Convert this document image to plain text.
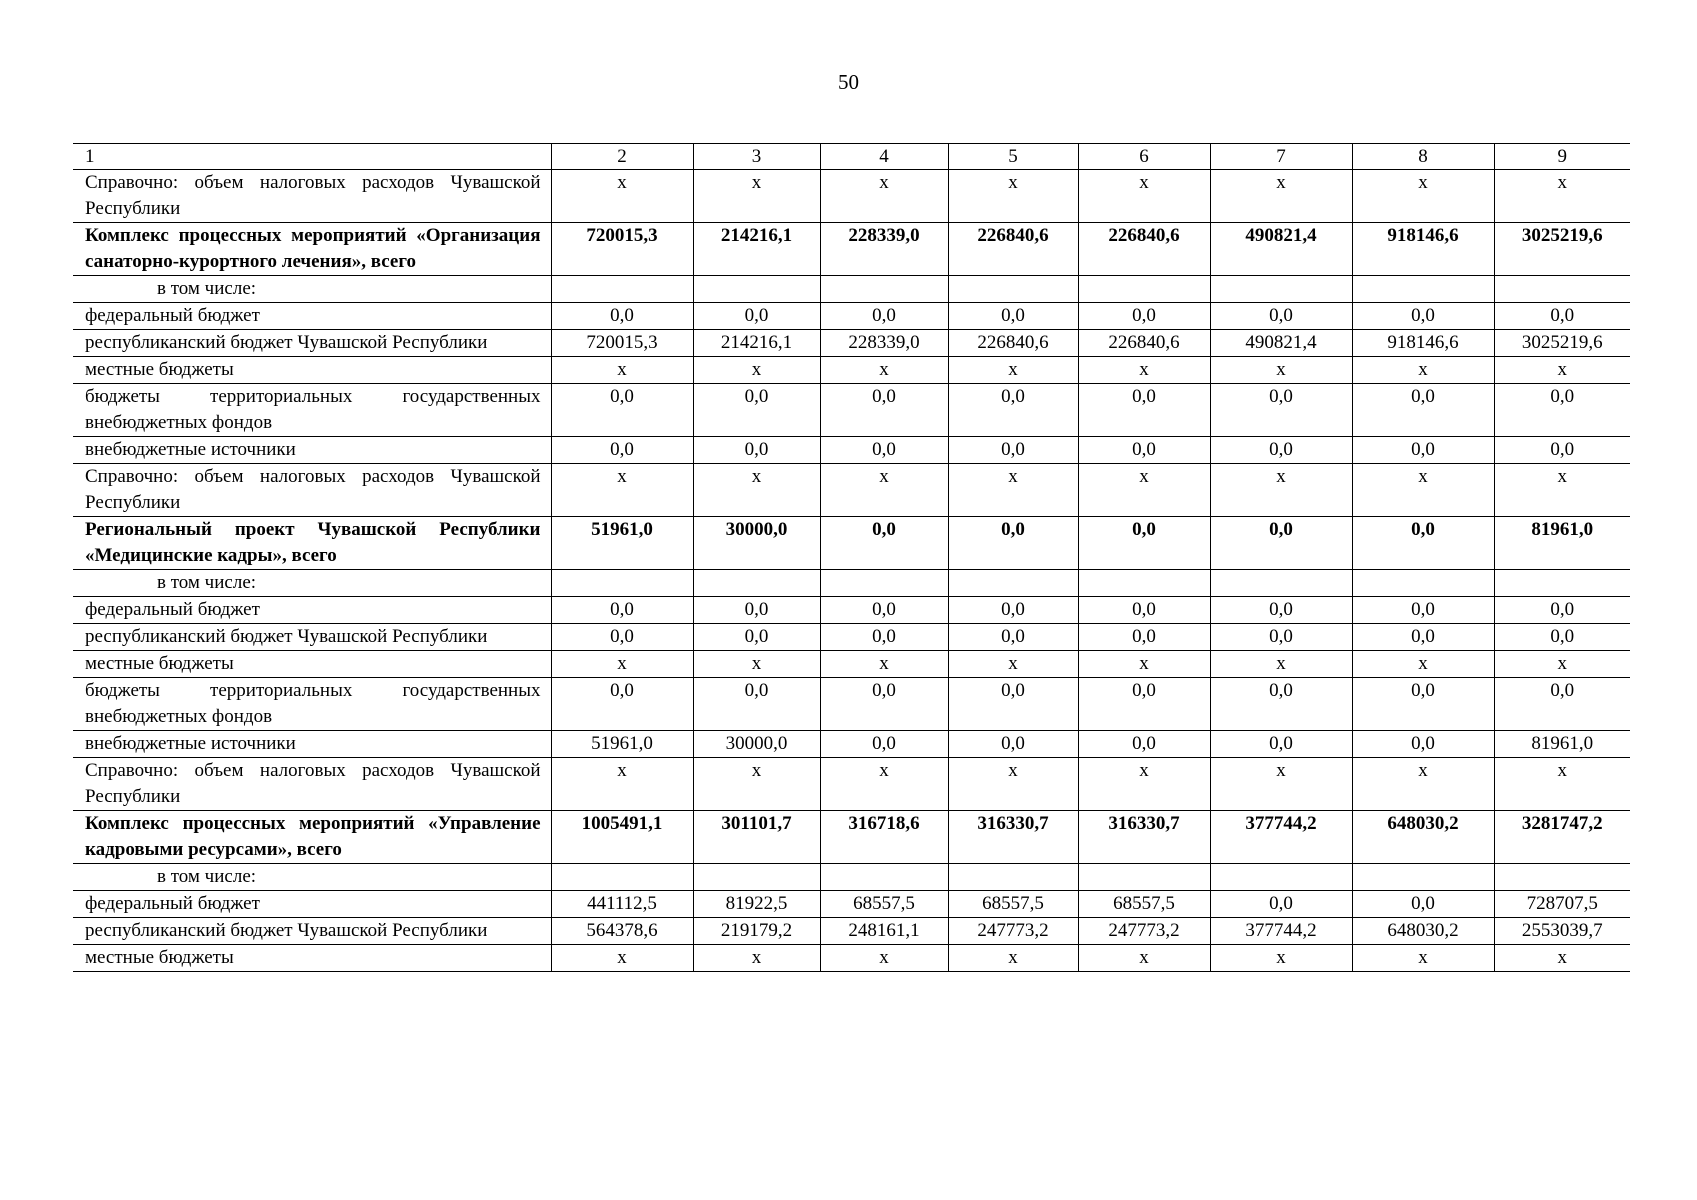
50
1	2	3	4	5	6	7	8	9
Справочно: объем налоговых расходов Чувашской Республики	х	х	х	х	х	х	х	х
Комплекс процессных мероприятий «Организация санаторно-курортного лечения», всего	720015,3	214216,1	228339,0	226840,6	226840,6	490821,4	918146,6	3025219,6
в том числе:								
федеральный бюджет	0,0	0,0	0,0	0,0	0,0	0,0	0,0	0,0
республиканский бюджет Чувашской Республики	720015,3	214216,1	228339,0	226840,6	226840,6	490821,4	918146,6	3025219,6
местные бюджеты	х	х	х	х	х	х	х	х
бюджеты территориальных государственных внебюджетных фондов	0,0	0,0	0,0	0,0	0,0	0,0	0,0	0,0
внебюджетные источники	0,0	0,0	0,0	0,0	0,0	0,0	0,0	0,0
Справочно: объем налоговых расходов Чувашской Республики	х	х	х	х	х	х	х	х
Региональный проект Чувашской Республики «Медицинские кадры», всего	51961,0	30000,0	0,0	0,0	0,0	0,0	0,0	81961,0
в том числе:								
федеральный бюджет	0,0	0,0	0,0	0,0	0,0	0,0	0,0	0,0
республиканский бюджет Чувашской Республики	0,0	0,0	0,0	0,0	0,0	0,0	0,0	0,0
местные бюджеты	х	х	х	х	х	х	х	х
бюджеты территориальных государственных внебюджетных фондов	0,0	0,0	0,0	0,0	0,0	0,0	0,0	0,0
внебюджетные источники	51961,0	30000,0	0,0	0,0	0,0	0,0	0,0	81961,0
Справочно: объем налоговых расходов Чувашской Республики	х	х	х	х	х	х	х	х
Комплекс процессных мероприятий «Управление кадровыми ресурсами», всего	1005491,1	301101,7	316718,6	316330,7	316330,7	377744,2	648030,2	3281747,2
в том числе:								
федеральный бюджет	441112,5	81922,5	68557,5	68557,5	68557,5	0,0	0,0	728707,5
республиканский бюджет Чувашской Республики	564378,6	219179,2	248161,1	247773,2	247773,2	377744,2	648030,2	2553039,7
местные бюджеты	х	х	х	х	х	х	х	х
